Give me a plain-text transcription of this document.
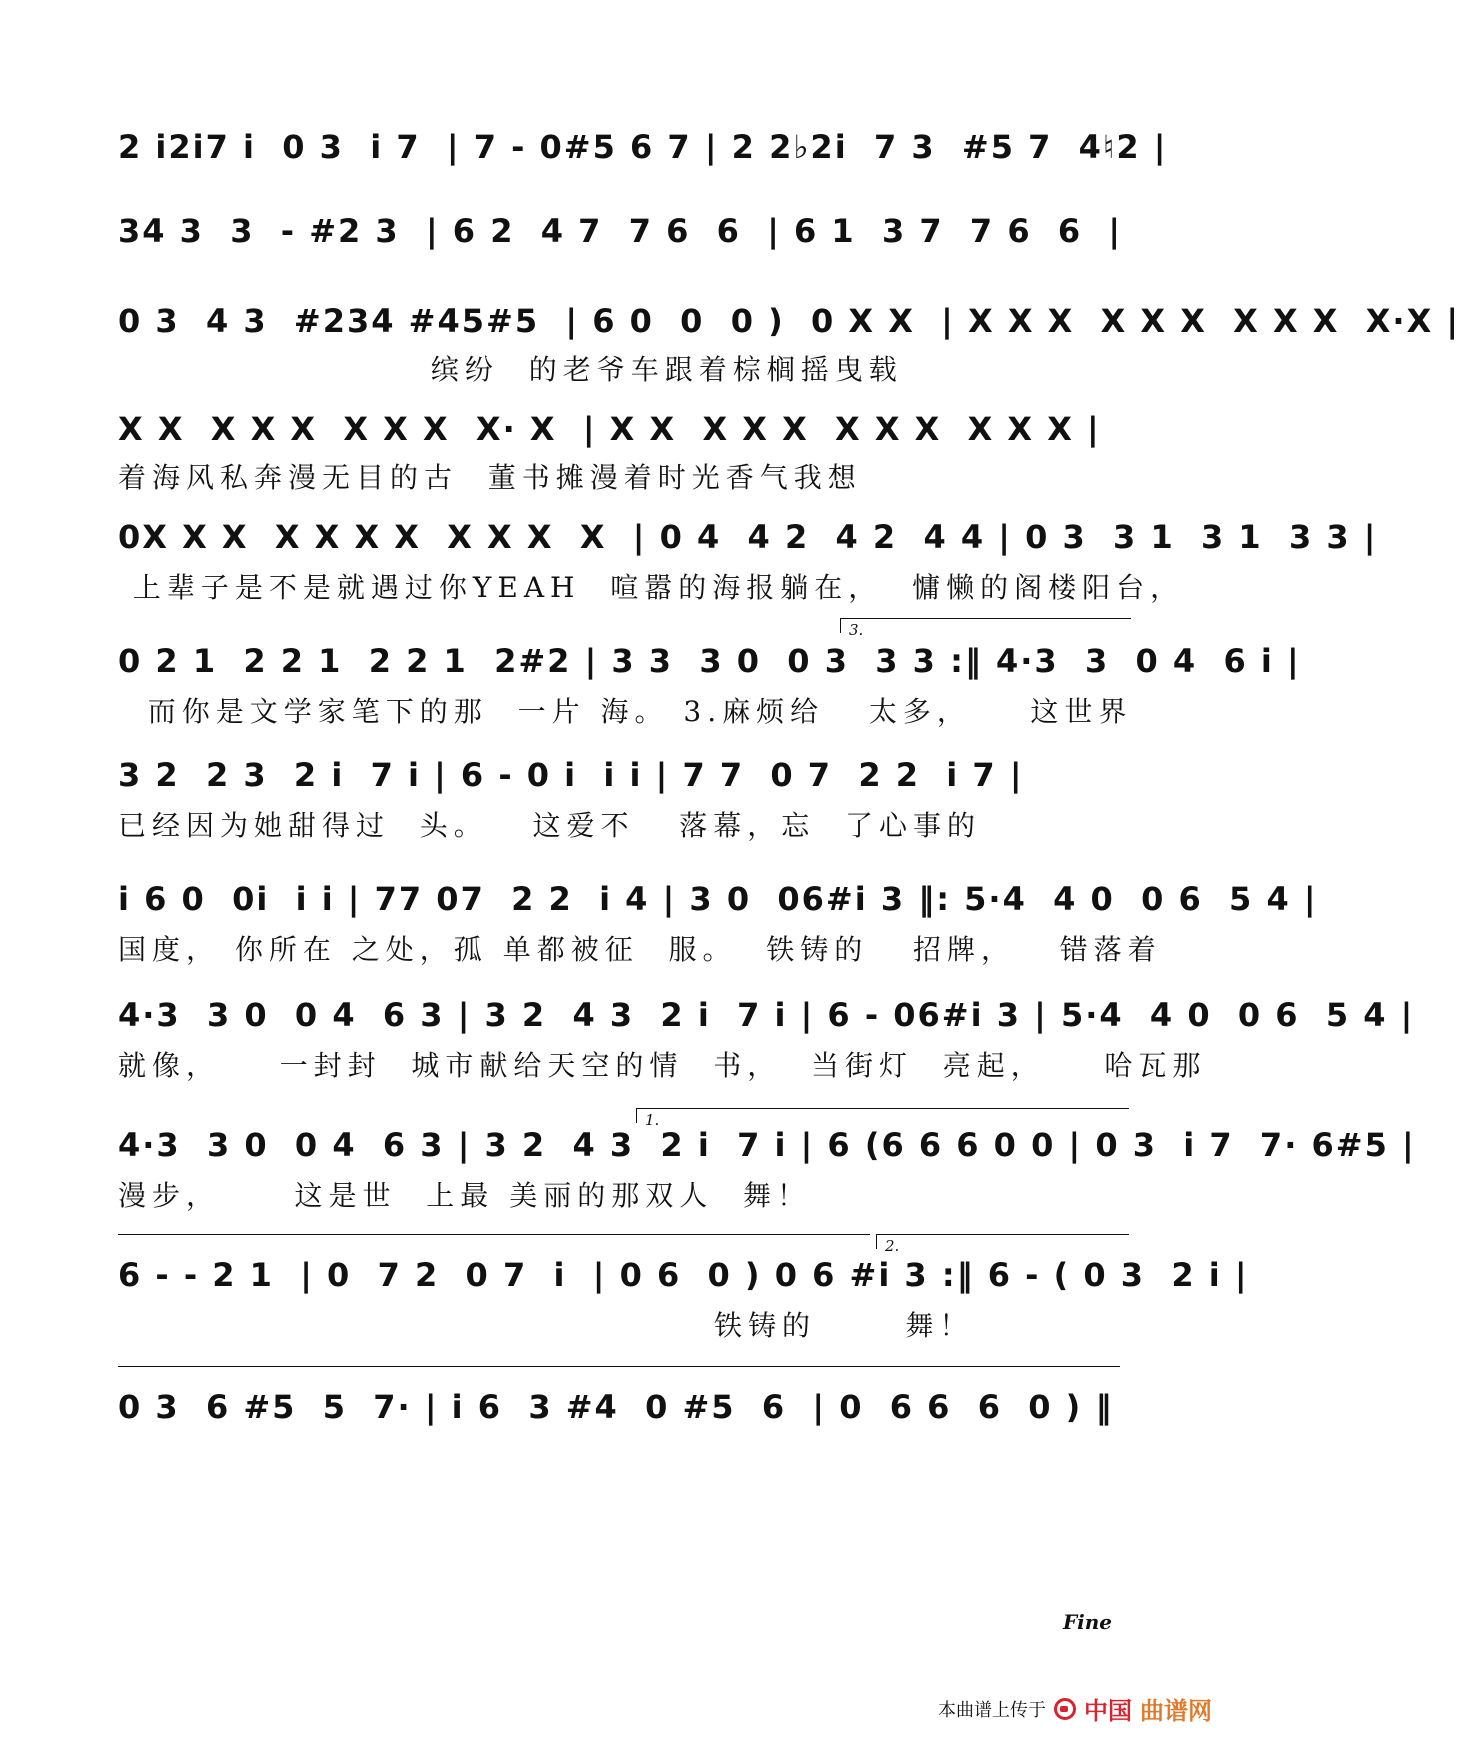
2 i2i7 i  0 3  i 7  | 7 - 0#5 6 7 | 2 2♭2i  7 3  #5 7  4♮2 |
34 3  3  - #2 3  | 6 2  4 7  7 6  6  | 6 1  3 7  7 6  6  |
0 3  4 3  #234 #45#5  | 6 0  0  0 )  0 X X  | X X X  X X X  X X X  X·X |
缤纷  的老爷车跟着棕榈摇曳载
X X  X X X  X X X  X· X  | X X  X X X  X X X  X X X |
着海风私奔漫无目的古  董书摊漫着时光香气我想
0X X X  X X X X  X X X  X  | 0 4  4 2  4 2  4 4 | 0 3  3 1  3 1  3 3 |
上辈子是不是就遇过你YEAH  喧嚣的海报躺在，  慵懒的阁楼阳台，
3.
0 2 1  2 2 1  2 2 1  2#2 | 3 3  3 0  0 3  3 3 :‖ 4·3  3  0 4  6 i |
而你是文学家笔下的那  一片 海。 3.麻烦给   太多，    这世界
3 2  2 3  2 i  7 i | 6 - 0 i  i i | 7 7  0 7  2 2  i 7 |
已经因为她甜得过  头。   这爱不   落幕，忘  了心事的
i 6 0  0i  i i | 77 07  2 2  i 4 | 3 0  06#i 3 ‖: 5·4  4 0  0 6  5 4 |
国度， 你所在 之处，孤 单都被征  服。  铁铸的   招牌，   错落着
4·3  3 0  0 4  6 3 | 3 2  4 3  2 i  7 i | 6 - 06#i 3 | 5·4  4 0  0 6  5 4 |
就像，    一封封  城市献给天空的情  书，  当街灯  亮起，    哈瓦那
1.
4·3  3 0  0 4  6 3 | 3 2  4 3  2 i  7 i | 6 (6 6 6 0 0 | 0 3  i 7  7· 6#5 |
漫步，     这是世  上最 美丽的那双人  舞！
2.
6 - - 2 1  | 0  7 2  0 7  i  | 0 6  0 ) 0 6 #i 3 :‖ 6 - ( 0 3  2 i |
铁铸的      舞！
0 3  6 #5  5  7· | i 6  3 #4  0 #5  6  | 0  6 6  6  0 ) ‖
Fine
本曲谱上传于 中国 曲谱网
